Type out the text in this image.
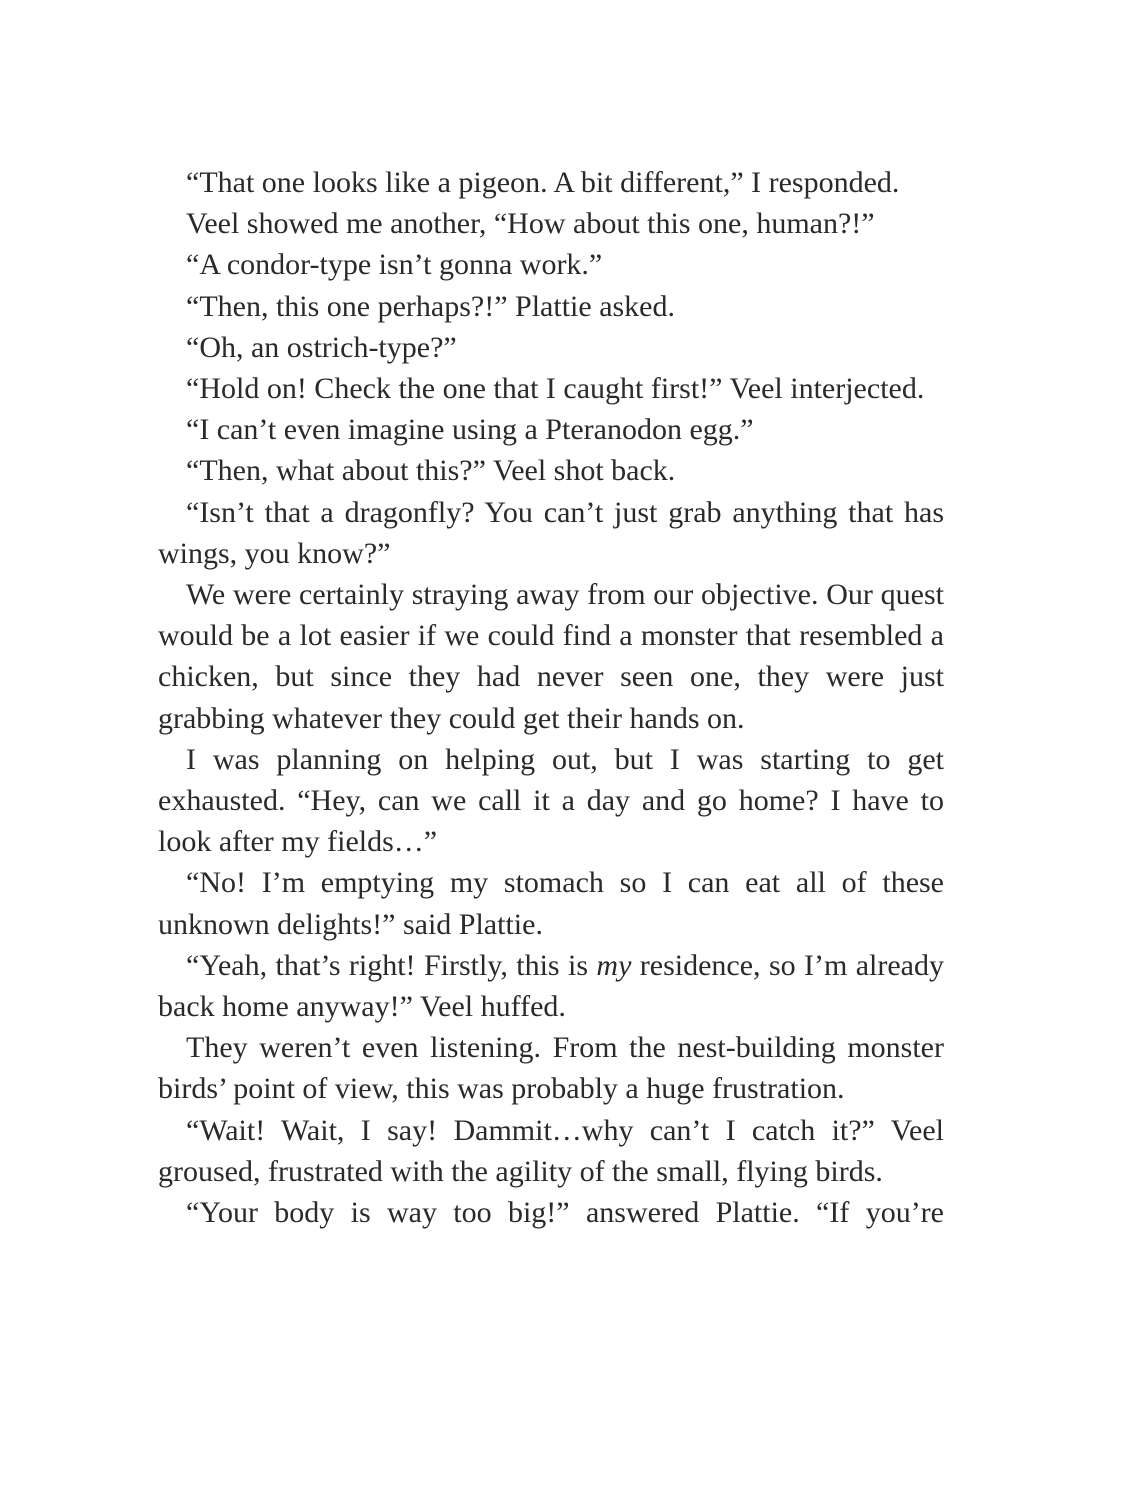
“That one looks like a pigeon. A bit different,” I responded.

Veel showed me another, “How about this one, human?!”

“A condor-type isn’t gonna work.”

“Then, this one perhaps?!” Plattie asked.

“Oh, an ostrich-type?”

“Hold on! Check the one that I caught first!” Veel interjected.

“I can’t even imagine using a Pteranodon egg.”

“Then, what about this?” Veel shot back.

“Isn’t that a dragonfly? You can’t just grab anything that has wings, you know?”

We were certainly straying away from our objective. Our quest would be a lot easier if we could find a monster that resembled a chicken, but since they had never seen one, they were just grabbing whatever they could get their hands on.

I was planning on helping out, but I was starting to get exhausted. “Hey, can we call it a day and go home? I have to look after my fields…”

“No! I’m emptying my stomach so I can eat all of these unknown delights!” said Plattie.

“Yeah, that’s right! Firstly, this is my residence, so I’m already back home anyway!” Veel huffed.

They weren’t even listening. From the nest-building monster birds’ point of view, this was probably a huge frustration.

“Wait! Wait, I say! Dammit…why can’t I catch it?” Veel groused, frustrated with the agility of the small, flying birds.

“Your body is way too big!” answered Plattie. “If you’re
